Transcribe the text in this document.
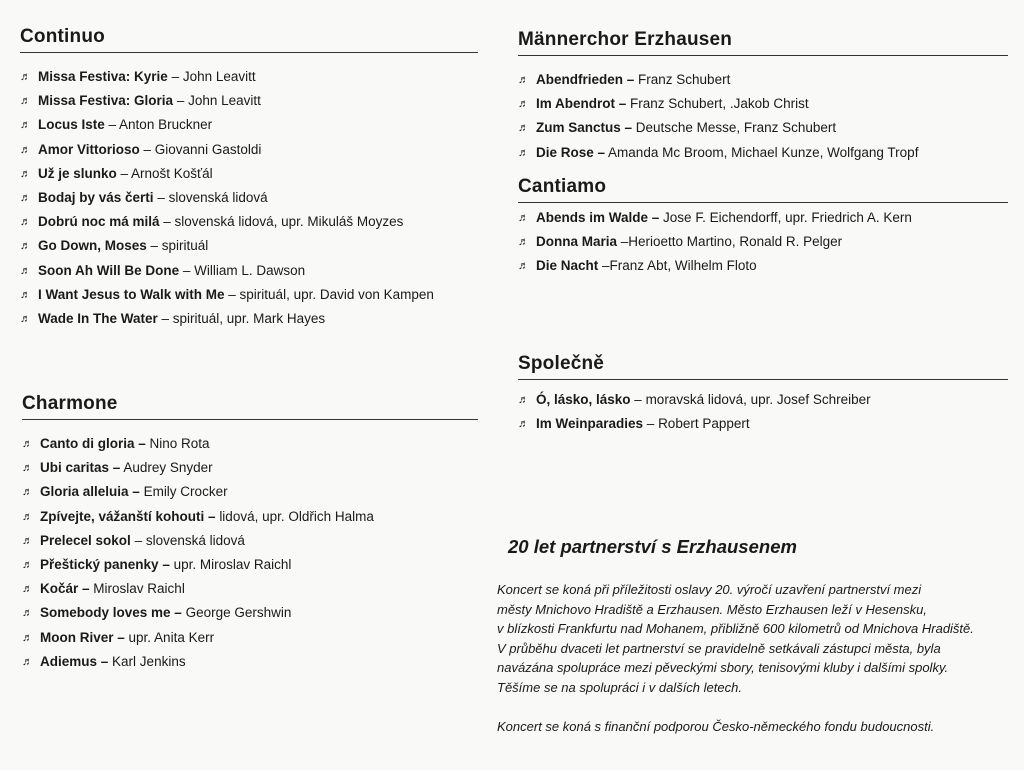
Continuo
♬ Missa Festiva: Kyrie – John Leavitt
♬ Missa Festiva: Gloria – John Leavitt
♬ Locus Iste – Anton Bruckner
♬ Amor Vittorioso – Giovanni Gastoldi
♬ Už je slunko – Arnošt Košťál
♬ Bodaj by vás čerti – slovenská lidová
♬ Dobrú noc má milá – slovenská lidová, upr. Mikuláš Moyzes
♬ Go Down, Moses – spirituál
♬ Soon Ah Will Be Done – William L. Dawson
♬ I Want Jesus to Walk with Me – spirituál, upr. David von Kampen
♬ Wade In The Water – spirituál, upr. Mark Hayes
Charmone
♬ Canto di gloria – Nino Rota
♬ Ubi caritas – Audrey Snyder
♬ Gloria alleluia – Emily Crocker
♬ Zpívejte, vážanští kohouti – lidová, upr. Oldřich Halma
♬ Prelecel sokol – slovenská lidová
♬ Přeštický panenky – upr. Miroslav Raichl
♬ Kočár – Miroslav Raichl
♬ Somebody loves me – George Gershwin
♬ Moon River – upr. Anita Kerr
♬ Adiemus – Karl Jenkins
Männerchor Erzhausen
♬ Abendfrieden – Franz Schubert
♬ Im Abendrot – Franz Schubert, .Jakob Christ
♬ Zum Sanctus – Deutsche Messe, Franz Schubert
♬ Die Rose – Amanda Mc Broom, Michael Kunze, Wolfgang Tropf
Cantiamo
♬ Abends im Walde – Jose F. Eichendorff, upr. Friedrich A. Kern
♬ Donna Maria –Herioetto Martino, Ronald R. Pelger
♬ Die Nacht –Franz Abt, Wilhelm Floto
Společně
♬ Ó, lásko, lásko – moravská lidová, upr. Josef Schreiber
♬ Im Weinparadies – Robert Pappert
20 let partnerství s Erzhausenem

Koncert se koná při příležitosti oslavy 20. výročí uzavření partnerství mezi
městy Mnichovo Hradiště a Erzhausen. Město Erzhausen leží v Hesensku,
v blízkosti Frankfurtu nad Mohanem, přibližně 600 kilometrů od Mnichova Hradiště.
V průběhu dvaceti let partnerství se pravidelně setkávali zástupci města, byla
navázána spolupráce mezi pěveckými sbory, tenisovými kluby i dalšími spolky.
Těšíme se na spolupráci i v dalších letech.

Koncert se koná s finanční podporou Česko-německého fondu budoucnosti.
